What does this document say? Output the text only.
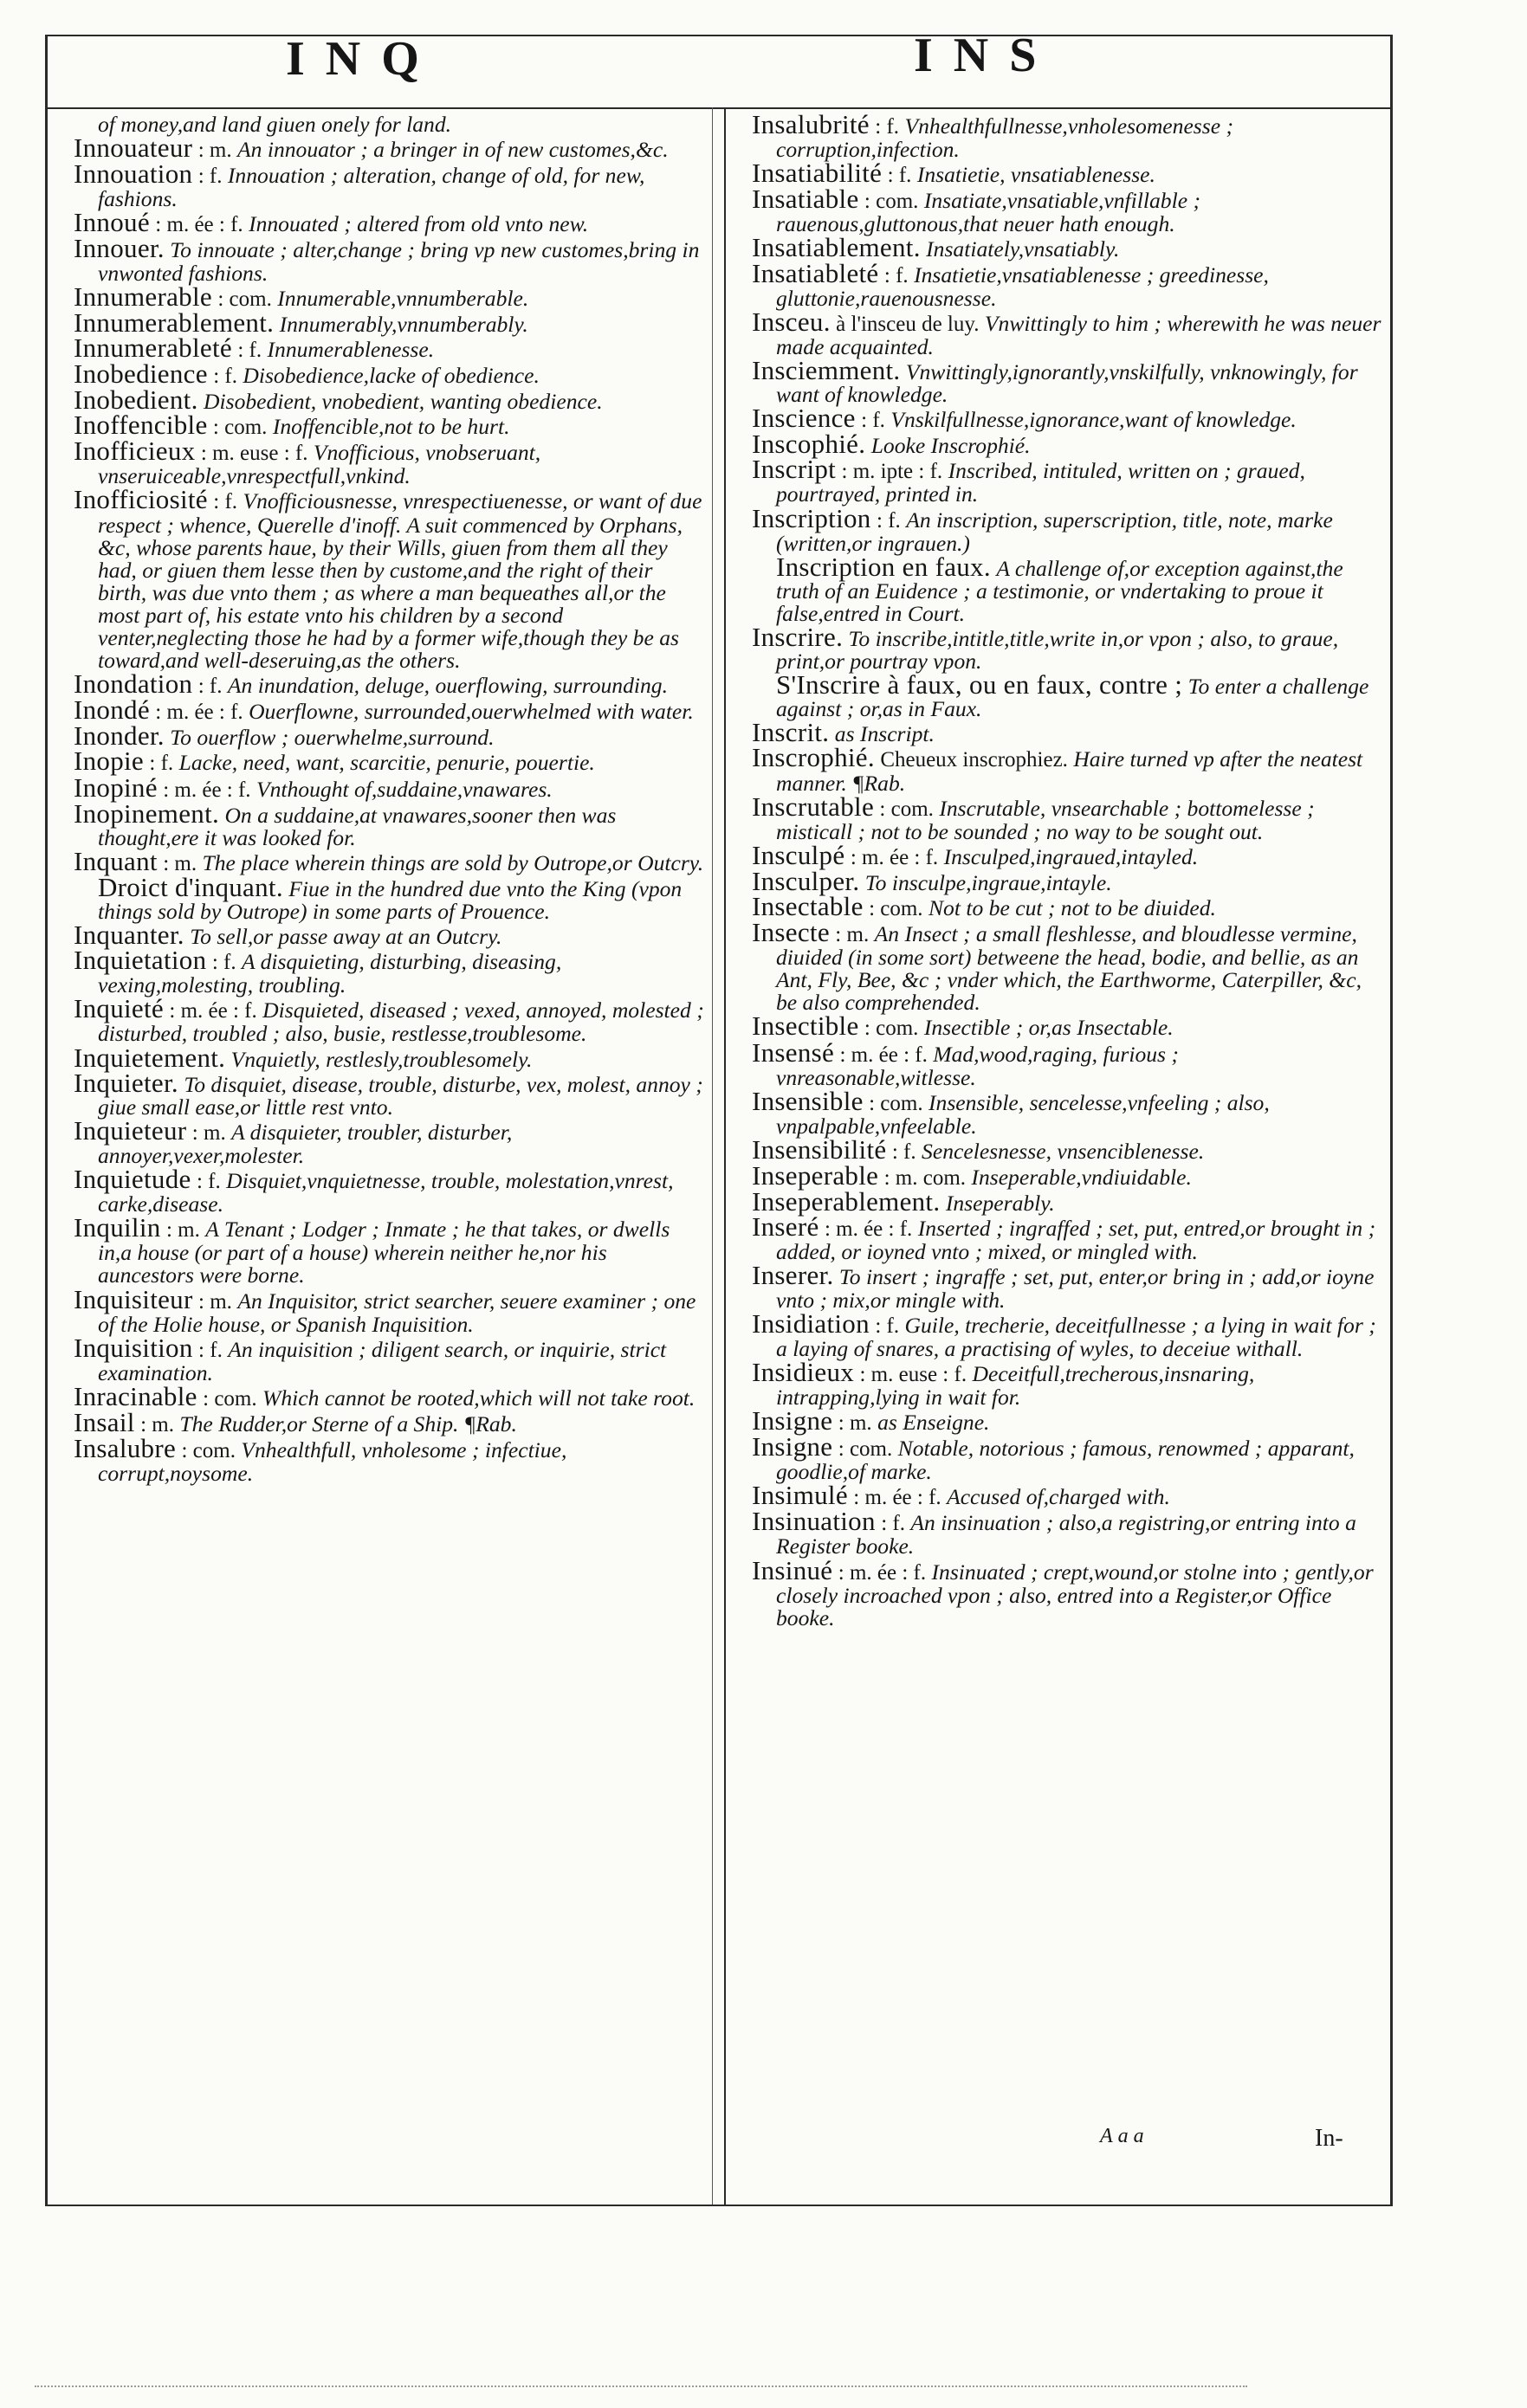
INQ	INS
of money,and land giuen onely for land.
Innouateur : m. An innouator ; a bringer in of new customes,&c.
Innouation : f. Innouation ; alteration, change of old, for new, fashions.
Innoué : m. ée : f. Innouated ; altered from old vnto new.
Innouer. To innouate ; alter,change ; bring vp new customes,bring in vnwonted fashions.
Innumerable : com. Innumerable,vnnumberable.
Innumerablement. Innumerably,vnnumberably.
Innumerableté : f. Innumerablenesse.
Inobedience : f. Disobedience,lacke of obedience.
Inobedient. Disobedient, vnobedient, wanting obedience.
Inoffencible : com. Inoffencible,not to be hurt.
Inofficieux : m. euse : f. Vnofficious, vnobseruant, vnseruiceable,vnrespectfull,vnkind.
Inofficiosité : f. Vnofficiousnesse, vnrespectiuenesse, or want of due respect ; whence, Querelle d'inoff. A suit commenced by Orphans, &c, whose parents haue, by their Wills, giuen from them all they had, or giuen them lesse then by custome,and the right of their birth, was due vnto them ; as where a man bequeathes all,or the most part of, his estate vnto his children by a second venter,neglecting those he had by a former wife,though they be as toward,and well-deseruing,as the others.
Inondation : f. An inundation, deluge, ouerflowing, surrounding.
Inondé : m. ée : f. Ouerflowne, surrounded,ouerwhelmed with water.
Inonder. To ouerflow ; ouerwhelme,surround.
Inopie : f. Lacke, need, want, scarcitie, penurie, pouertie.
Inopiné : m. ée : f. Vnthought of,suddaine,vnawares.
Inopinement. On a suddaine,at vnawares,sooner then was thought,ere it was looked for.
Inquant : m. The place wherein things are sold by Outrope,or Outcry.
Droict d'inquant. Fiue in the hundred due vnto the King (vpon things sold by Outrope) in some parts of Prouence.
Inquanter. To sell,or passe away at an Outcry.
Inquietation : f. A disquieting, disturbing, diseasing, vexing,molesting, troubling.
Inquieté : m. ée : f. Disquieted, diseased ; vexed, annoyed, molested ; disturbed, troubled ; also, busie, restlesse,troublesome.
Inquietement. Vnquietly, restlesly,troublesomely.
Inquieter. To disquiet, disease, trouble, disturbe, vex, molest, annoy ; giue small ease,or little rest vnto.
Inquieteur : m. A disquieter, troubler, disturber, annoyer,vexer,molester.
Inquietude : f. Disquiet,vnquietnesse, trouble, molestation,vnrest, carke,disease.
Inquilin : m. A Tenant ; Lodger ; Inmate ; he that takes, or dwells in,a house (or part of a house) wherein neither he,nor his auncestors were borne.
Inquisiteur : m. An Inquisitor, strict searcher, seuere examiner ; one of the Holie house, or Spanish Inquisition.
Inquisition : f. An inquisition ; diligent search, or inquirie, strict examination.
Inracinable : com. Which cannot be rooted,which will not take root.
Insail : m. The Rudder,or Sterne of a Ship. ¶Rab.
Insalubre : com. Vnhealthfull, vnholesome ; infectiue, corrupt,noysome.
Insalubrité : f. Vnhealthfullnesse,vnholesomenesse ; corruption,infection.
Insatiabilité : f. Insatietie, vnsatiablenesse.
Insatiable : com. Insatiate,vnsatiable,vnfillable ; rauenous,gluttonous,that neuer hath enough.
Insatiablement. Insatiately,vnsatiably.
Insatiableté : f. Insatietie,vnsatiablenesse ; greedinesse, gluttonie,rauenousnesse.
Insceu. à l'insceu de luy. Vnwittingly to him ; wherewith he was neuer made acquainted.
Insciemment. Vnwittingly,ignorantly,vnskilfully, vnknowingly, for want of knowledge.
Inscience : f. Vnskilfullnesse,ignorance,want of knowledge.
Inscophié. Looke Inscrophié.
Inscript : m. ipte : f. Inscribed, intituled, written on ; graued, pourtrayed, printed in.
Inscription : f. An inscription, superscription, title, note, marke (written,or ingrauen.)
Inscription en faux. A challenge of,or exception against,the truth of an Euidence ; a testimonie, or vndertaking to proue it false,entred in Court.
Inscrire. To inscribe,intitle,title,write in,or vpon ; also, to graue, print,or pourtray vpon.
S'Inscrire à faux, ou en faux, contre ; To enter a challenge against ; or,as in Faux.
Inscrit. as Inscript.
Inscrophié. Cheueux inscrophiez. Haire turned vp after the neatest manner. ¶Rab.
Inscrutable : com. Inscrutable, vnsearchable ; bottomelesse ; misticall ; not to be sounded ; no way to be sought out.
Insculpé : m. ée : f. Insculped,ingraued,intayled.
Insculper. To insculpe,ingraue,intayle.
Insectable : com. Not to be cut ; not to be diuided.
Insecte : m. An Insect ; a small fleshlesse, and bloudlesse vermine, diuided (in some sort) betweene the head, bodie, and bellie, as an Ant, Fly, Bee, &c ; vnder which, the Earthworme, Caterpiller, &c, be also comprehended.
Insectible : com. Insectible ; or,as Insectable.
Insensé : m. ée : f. Mad,wood,raging, furious ; vnreasonable,witlesse.
Insensible : com. Insensible, sencelesse,vnfeeling ; also, vnpalpable,vnfeelable.
Insensibilité : f. Sencelesnesse, vnsenciblenesse.
Inseperable : m. com. Inseperable,vndiuidable.
Inseperablement. Inseperably.
Inseré : m. ée : f. Inserted ; ingraffed ; set, put, entred,or brought in ; added, or ioyned vnto ; mixed, or mingled with.
Inserer. To insert ; ingraffe ; set, put, enter,or bring in ; add,or ioyne vnto ; mix,or mingle with.
Insidiation : f. Guile, trecherie, deceitfullnesse ; a lying in wait for ; a laying of snares, a practising of wyles, to deceiue withall.
Insidieux : m. euse : f. Deceitfull,trecherous,insnaring, intrapping,lying in wait for.
Insigne : m. as Enseigne.
Insigne : com. Notable, notorious ; famous, renowmed ; apparant, goodlie,of marke.
Insimulé : m. ée : f. Accused of,charged with.
Insinuation : f. An insinuation ; also,a registring,or entring into a Register booke.
Insinué : m. ée : f. Insinuated ; crept,wound,or stolne into ; gently,or closely incroached vpon ; also, entred into a Register,or Office booke.
Aaa	In-
